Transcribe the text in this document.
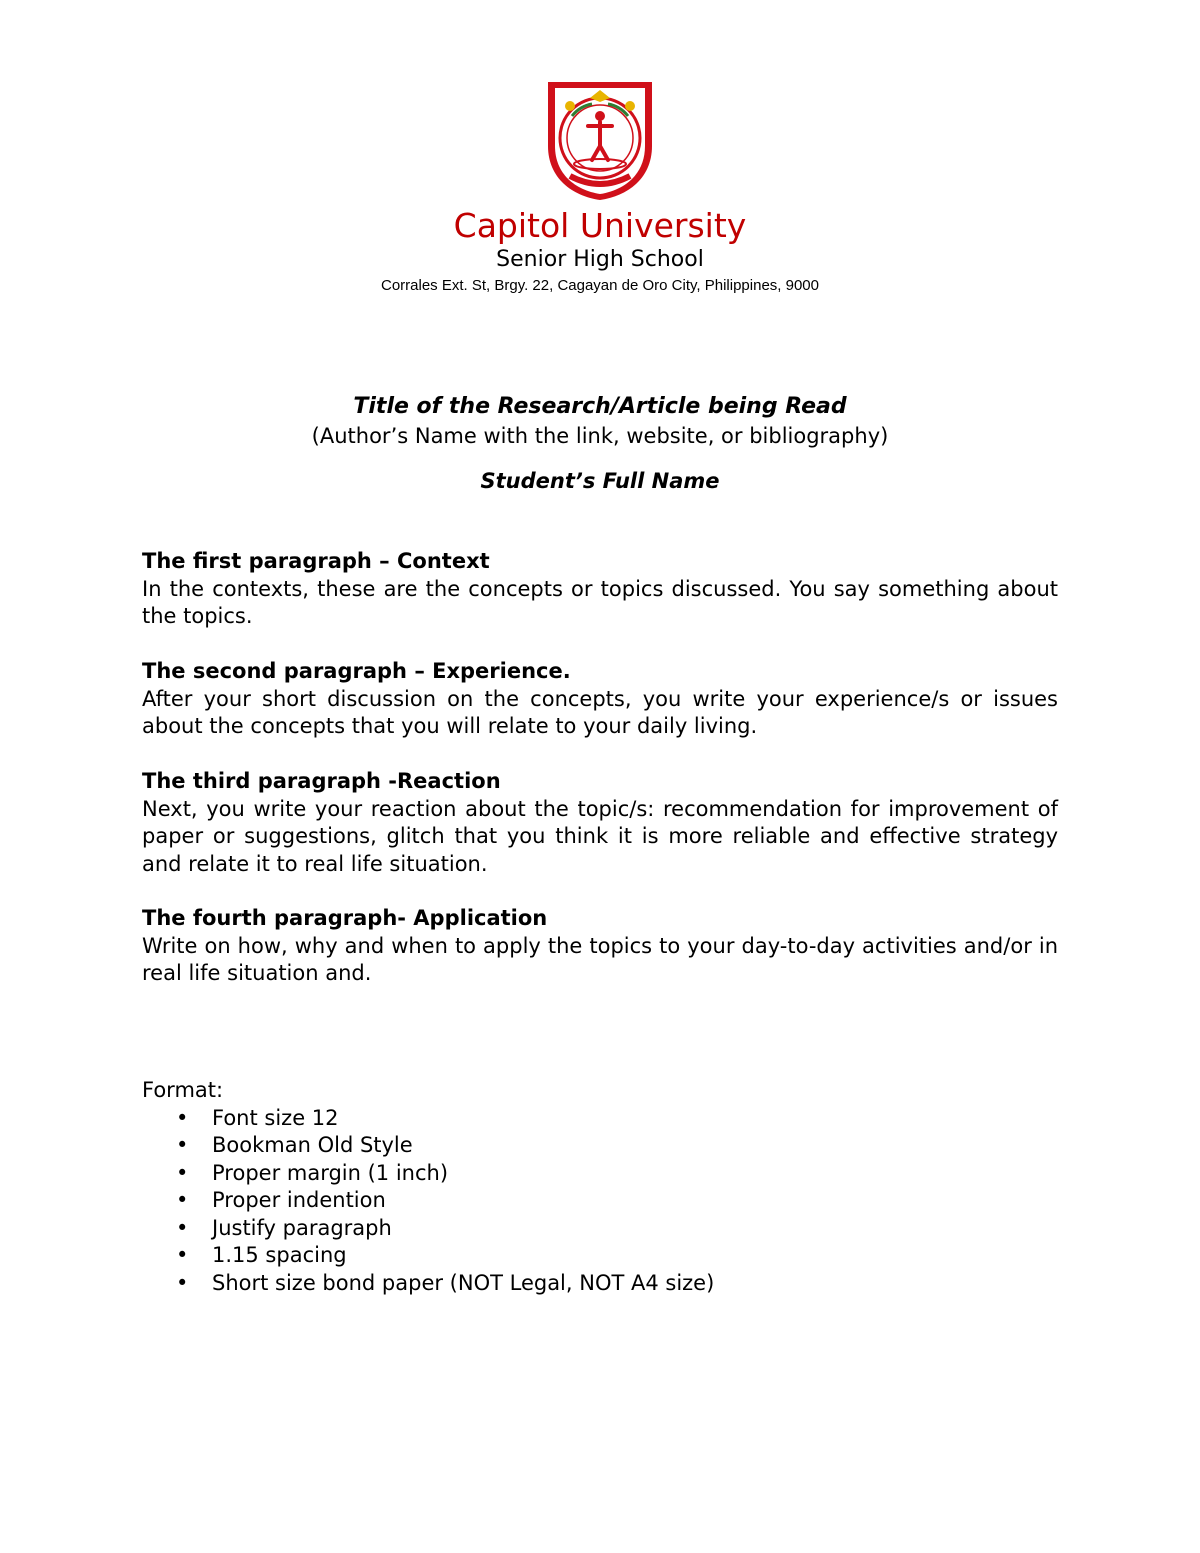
Capitol University
Senior High School
Corrales Ext. St, Brgy. 22, Cagayan de Oro City, Philippines, 9000
Title of the Research/Article being Read
(Author’s Name with the link, website, or bibliography)
Student’s Full Name
The first paragraph – Context
In the contexts, these are the concepts or topics discussed. You say something about the topics.
The second paragraph – Experience.
After your short discussion on the concepts, you write your experience/s or issues about the concepts that you will relate to your daily living.
The third paragraph -Reaction
Next, you write your reaction about the topic/s: recommendation for improvement of paper or suggestions, glitch that you think it is more reliable and effective strategy and relate it to real life situation.
The fourth paragraph- Application
Write on how, why and when to apply the topics to your day-to-day activities and/or in real life situation and.
Format:
• Font size 12
• Bookman Old Style
• Proper margin (1 inch)
• Proper indention
• Justify paragraph
• 1.15 spacing
• Short size bond paper (NOT Legal, NOT A4 size)
